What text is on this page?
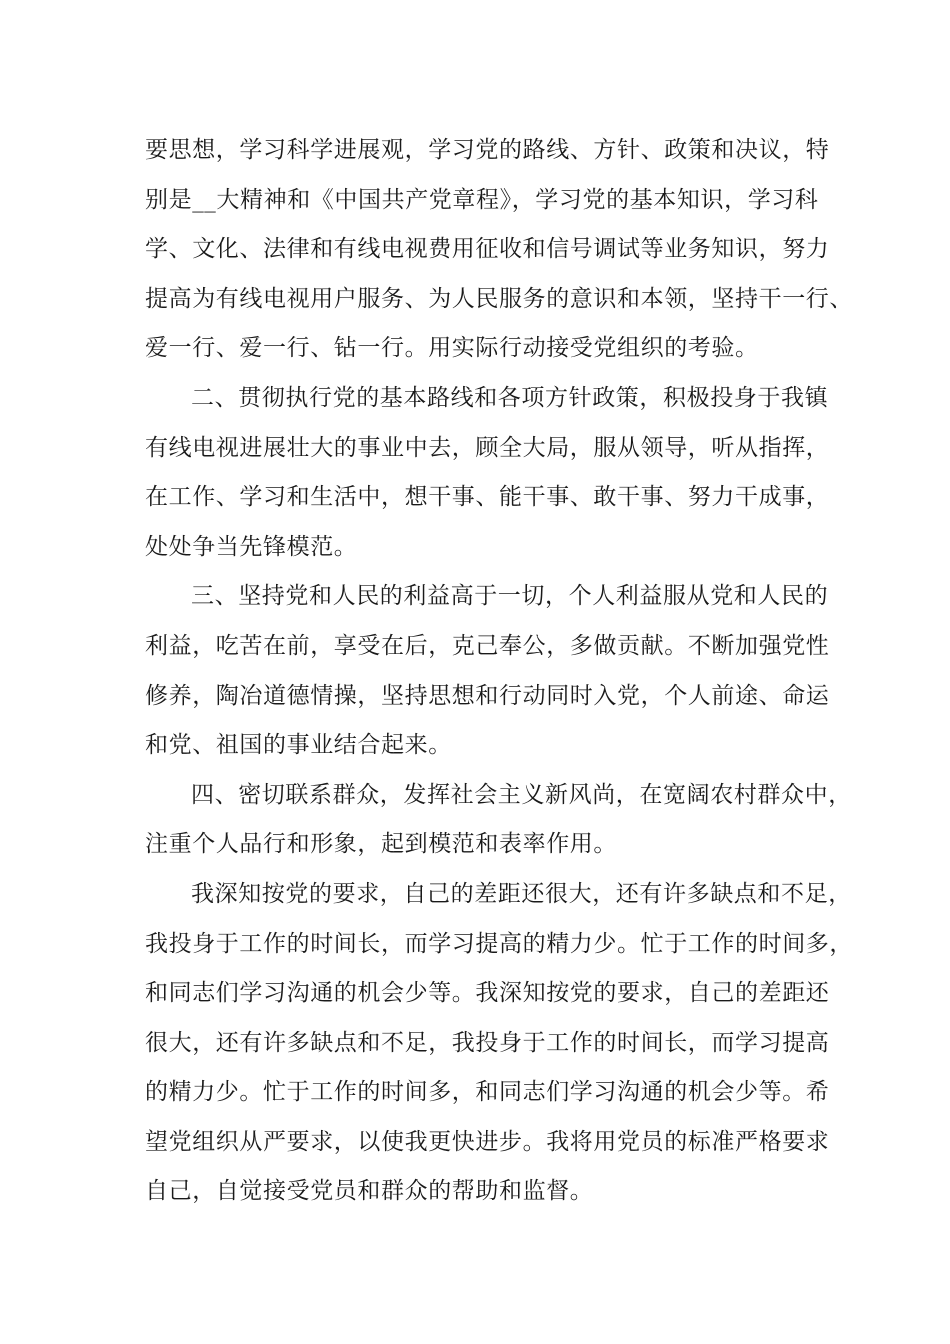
要思想，学习科学进展观，学习党的路线、方针、政策和决议，特
别是__大精神和《中国共产党章程》，学习党的基本知识，学习科
学、文化、法律和有线电视费用征收和信号调试等业务知识，努力
提高为有线电视用户服务、为人民服务的意识和本领，坚持干一行、
爱一行、爱一行、钻一行。用实际行动接受党组织的考验。
二、贯彻执行党的基本路线和各项方针政策，积极投身于我镇
有线电视进展壮大的事业中去，顾全大局，服从领导，听从指挥，
在工作、学习和生活中，想干事、能干事、敢干事、努力干成事，
处处争当先锋模范。
三、坚持党和人民的利益高于一切，个人利益服从党和人民的
利益，吃苦在前，享受在后，克己奉公，多做贡献。不断加强党性
修养，陶冶道德情操，坚持思想和行动同时入党，个人前途、命运
和党、祖国的事业结合起来。
四、密切联系群众，发挥社会主义新风尚，在宽阔农村群众中，
注重个人品行和形象，起到模范和表率作用。
我深知按党的要求，自己的差距还很大，还有许多缺点和不足，
我投身于工作的时间长，而学习提高的精力少。忙于工作的时间多，
和同志们学习沟通的机会少等。我深知按党的要求，自己的差距还
很大，还有许多缺点和不足，我投身于工作的时间长，而学习提高
的精力少。忙于工作的时间多，和同志们学习沟通的机会少等。希
望党组织从严要求，以使我更快进步。我将用党员的标准严格要求
自己，自觉接受党员和群众的帮助和监督。
